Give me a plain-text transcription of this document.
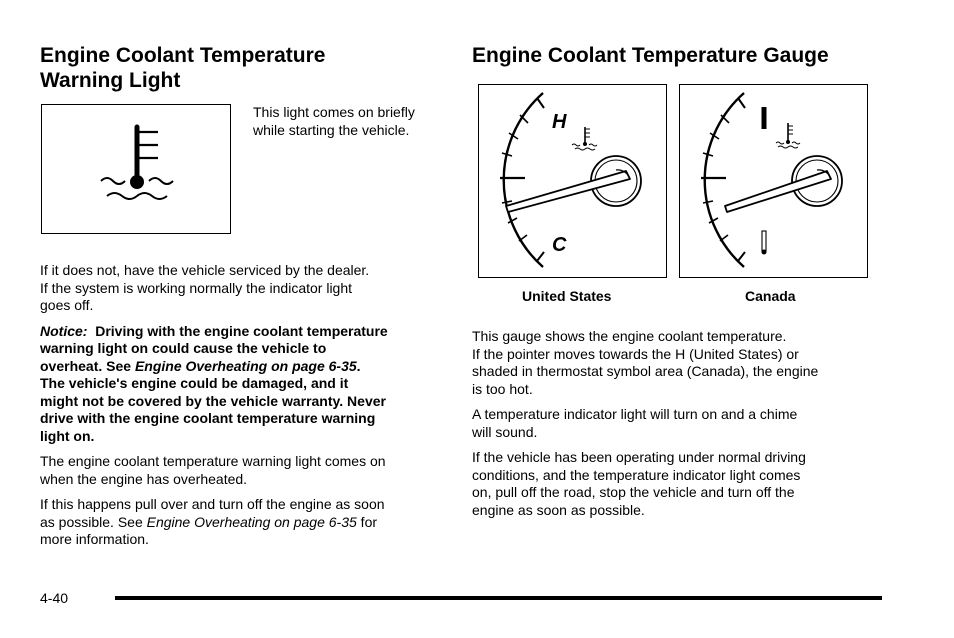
Engine Coolant Temperature
Warning Light

This light comes on briefly

while starting the vehicle.

If it does not, have the vehicle serviced by the dealer.

If the system is working normally the indicator light

goes off.

Notice: Driving with the engine coolant temperature

warning light on could cause the vehicle to

overheat. See Engine Overheating on page 6-35.

The vehicle's engine could be damaged, and it

might not be covered by the vehicle warranty. Never

drive with the engine coolant temperature warning

light on.

The engine coolant temperature warning light comes on

when the engine has overheated.

If this happens pull over and turn off the engine as soon

as possible. See Engine Overheating on page 6-35 for

more information.

Engine Coolant Temperature Gauge
H
C
United States	Canada

This gauge shows the engine coolant temperature.

If the pointer moves towards the H (United States) or

shaded in thermostat symbol area (Canada), the engine

is too hot.

A temperature indicator light will turn on and a chime

will sound.

If the vehicle has been operating under normal driving

conditions, and the temperature indicator light comes

on, pull off the road, stop the vehicle and turn off the

engine as soon as possible.

4-40
